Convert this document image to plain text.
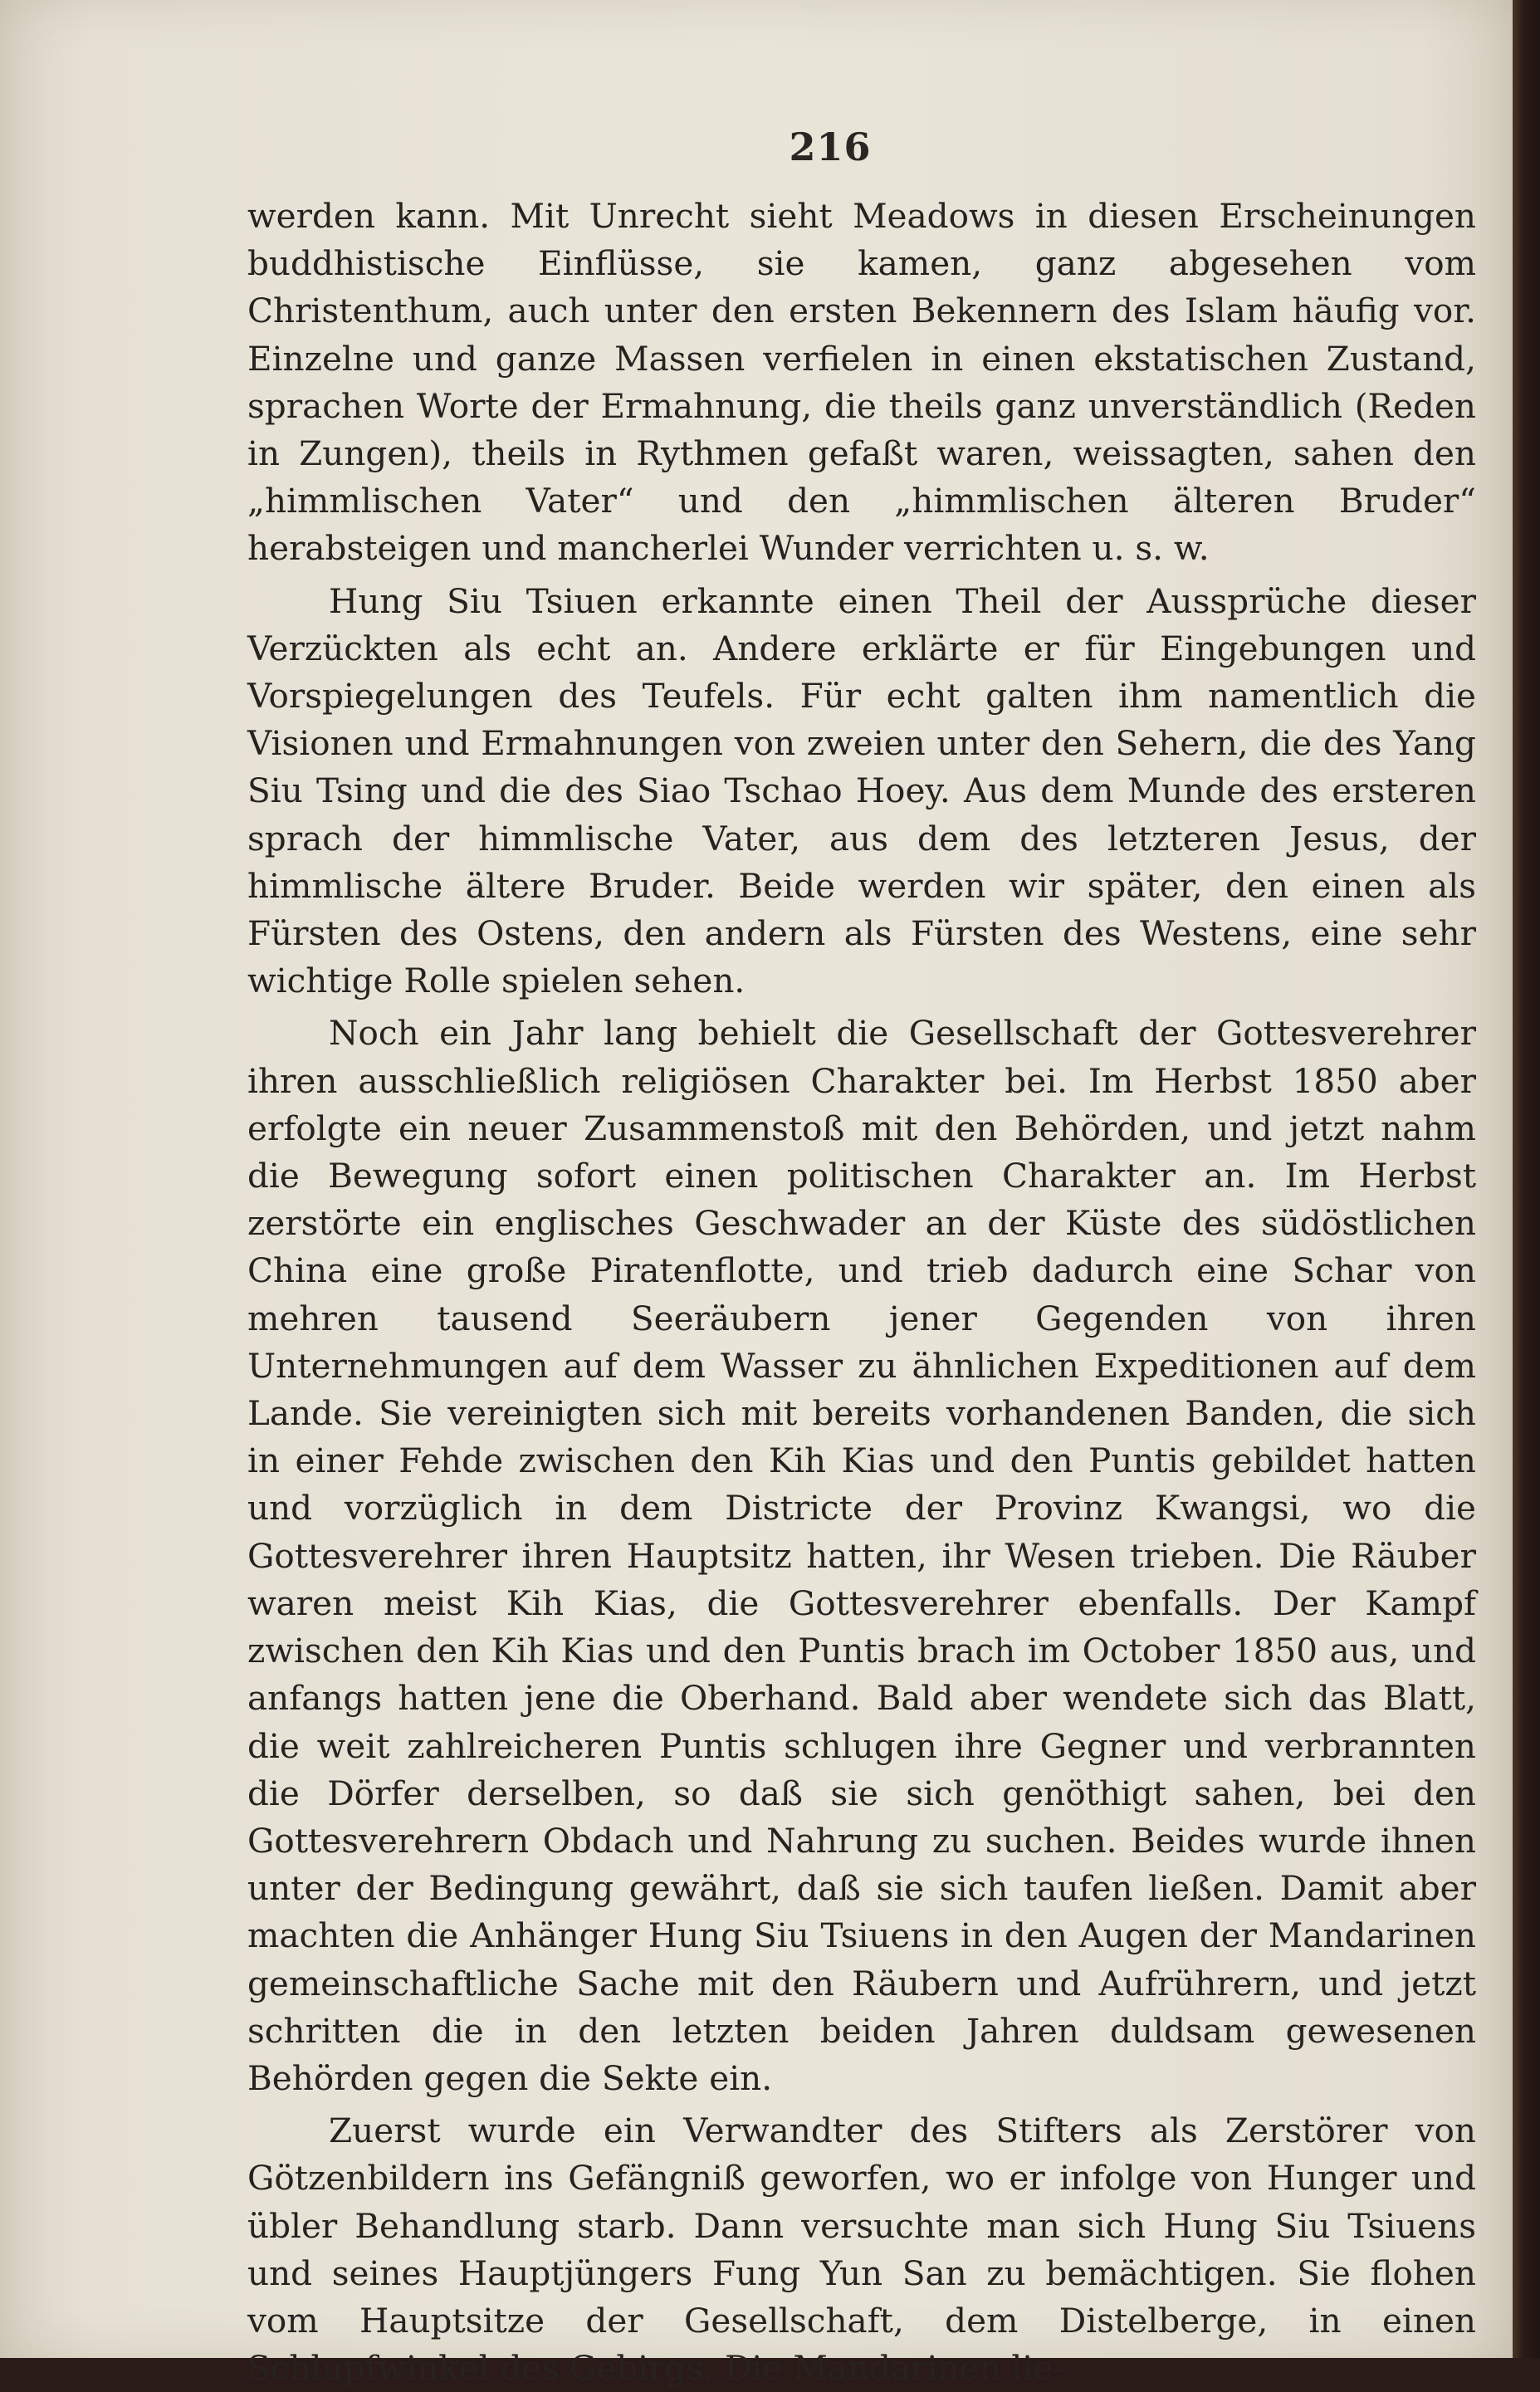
216

werden kann. Mit Unrecht sieht Meadows in diesen Erscheinungen buddhistische Einflüsse, sie kamen, ganz abgesehen vom Christenthum, auch unter den ersten Bekennern des Islam häufig vor. Einzelne und ganze Massen verfielen in einen ekstatischen Zustand, sprachen Worte der Ermahnung, die theils ganz unverständlich (Reden in Zungen), theils in Rythmen gefaßt waren, weissagten, sahen den „himmlischen Vater“ und den „himmlischen älteren Bruder“ herabsteigen und mancherlei Wunder verrichten u. s. w.

Hung Siu Tsiuen erkannte einen Theil der Aussprüche dieser Verzückten als echt an. Andere erklärte er für Eingebungen und Vorspiegelungen des Teufels. Für echt galten ihm namentlich die Visionen und Ermahnungen von zweien unter den Sehern, die des Yang Siu Tsing und die des Siao Tschao Hoey. Aus dem Munde des ersteren sprach der himmlische Vater, aus dem des letzteren Jesus, der himmlische ältere Bruder. Beide werden wir später, den einen als Fürsten des Ostens, den andern als Fürsten des Westens, eine sehr wichtige Rolle spielen sehen.

Noch ein Jahr lang behielt die Gesellschaft der Gottesverehrer ihren ausschließlich religiösen Charakter bei. Im Herbst 1850 aber erfolgte ein neuer Zusammenstoß mit den Behörden, und jetzt nahm die Bewegung sofort einen politischen Charakter an. Im Herbst zerstörte ein englisches Geschwader an der Küste des südöstlichen China eine große Piratenflotte, und trieb dadurch eine Schar von mehren tausend Seeräubern jener Gegenden von ihren Unternehmungen auf dem Wasser zu ähnlichen Expeditionen auf dem Lande. Sie vereinigten sich mit bereits vorhandenen Banden, die sich in einer Fehde zwischen den Kih Kias und den Puntis gebildet hatten und vorzüglich in dem Districte der Provinz Kwangsi, wo die Gottesverehrer ihren Hauptsitz hatten, ihr Wesen trieben. Die Räuber waren meist Kih Kias, die Gottesverehrer ebenfalls. Der Kampf zwischen den Kih Kias und den Puntis brach im October 1850 aus, und anfangs hatten jene die Oberhand. Bald aber wendete sich das Blatt, die weit zahlreicheren Puntis schlugen ihre Gegner und verbrannten die Dörfer derselben, so daß sie sich genöthigt sahen, bei den Gottesverehrern Obdach und Nahrung zu suchen. Beides wurde ihnen unter der Bedingung gewährt, daß sie sich taufen ließen. Damit aber machten die Anhänger Hung Siu Tsiuens in den Augen der Mandarinen gemeinschaftliche Sache mit den Räubern und Aufrührern, und jetzt schritten die in den letzten beiden Jahren duldsam gewesenen Behörden gegen die Sekte ein.

Zuerst wurde ein Verwandter des Stifters als Zerstörer von Götzenbildern ins Gefängniß geworfen, wo er infolge von Hunger und übler Behandlung starb. Dann versuchte man sich Hung Siu Tsiuens und seines Hauptjüngers Fung Yun San zu bemächtigen. Sie flohen vom Hauptsitze der Gesellschaft, dem Distelberge, in einen Schlupfwinkel des Gebirgs. Die Mandarinen lie-
